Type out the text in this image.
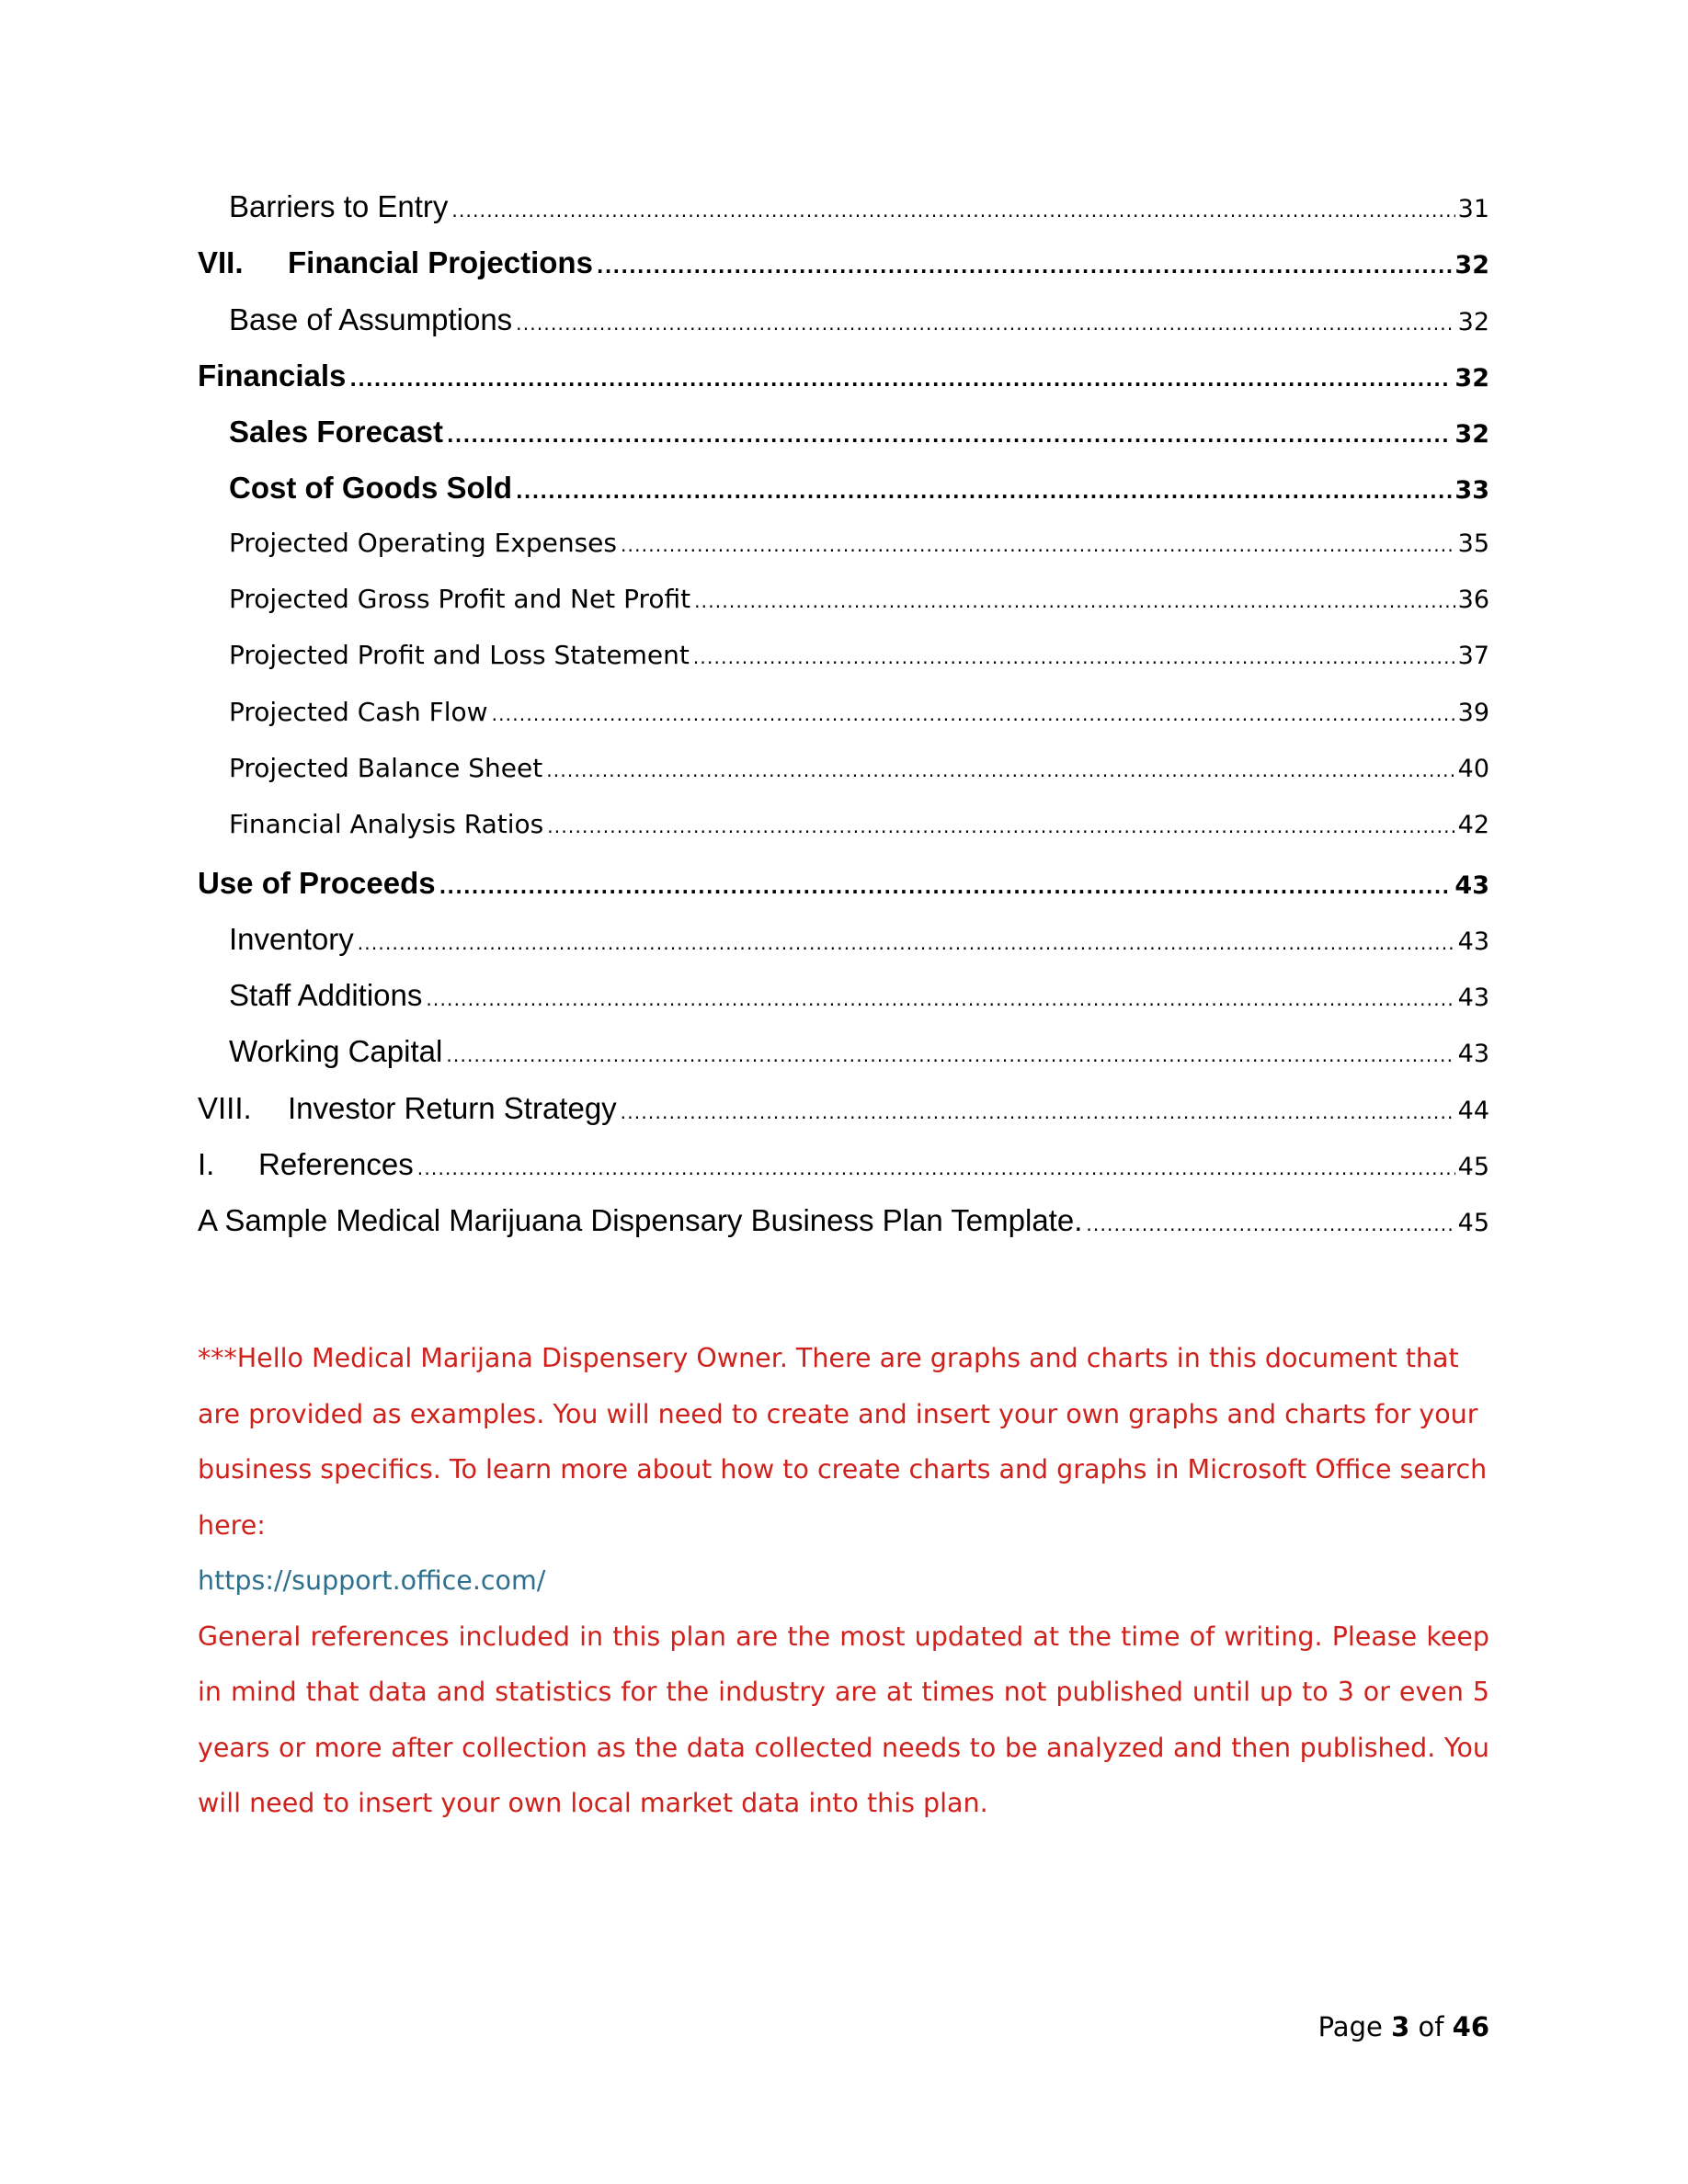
Barriers to Entry .....	31
VII.	Financial Projections .....	32
Base of Assumptions .....	32
Financials .....	32
Sales Forecast .....	32
Cost of Goods Sold .....	33
Projected Operating Expenses .....	35
Projected Gross Profit and Net Profit .....	36
Projected Profit and Loss Statement .....	37
Projected Cash Flow .....	39
Projected Balance Sheet .....	40
Financial Analysis Ratios .....	42
Use of Proceeds .....	43
Inventory .....	43
Staff Additions .....	43
Working Capital .....	43
VIII.	Investor Return Strategy .....	44
I.	References .....	45
A Sample Medical Marijuana Dispensary Business Plan Template. .....	45

***Hello Medical Marijana Dispensery Owner. There are graphs and charts in this document that are provided as examples. You will need to create and insert your own graphs and charts for your business specifics. To learn more about how to create charts and graphs in Microsoft Office search here:

https://support.office.com/

General references included in this plan are the most updated at the time of writing. Please keep in mind that data and statistics for the industry are at times not published until up to 3 or even 5 years or more after collection as the data collected needs to be analyzed and then published. You will need to insert your own local market data into this plan.

Page 3 of 46
